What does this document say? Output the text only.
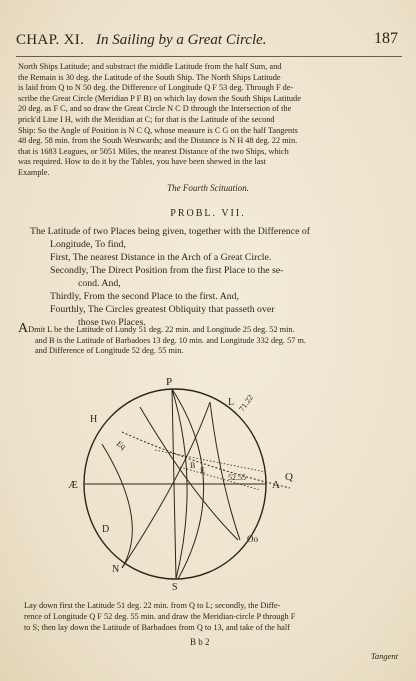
CHAP. XI. In Sailing by a Great Circle.	187
North Ships Latitude; and substract the middle Latitude from the half Sum, and
the Remain is 30 deg. the Latitude of the South Ship. The North Ships Latitude
is laid from Q to N 50 deg. the Difference of Longitude Q F 53 deg. Through F de-
scribe the Great Circle (Meridian P F B) on which lay down the South Ships Latitude
20 deg. as F C, and so draw the Great Circle N C D through the Intersection of the
prick'd Line I H, with the Meridian at C; for that is the Latitude of the second
Ship: So the Angle of Position is N C Q, whose measure is C G on the half Tangents
48 deg. 58 min. from the South Westwards; and the Distance is N H 48 deg. 22 min.
that is 1683 Leagues, or 5051 Miles, the nearest Distance of the two Ships, which
was required. How to do it by the Tables, you have been shewed in the last
Example.
The Fourth Scituation.
PROBL. VII.
The Latitude of two Places being given, together with the Difference of
Longitude, To find,
First, The nearest Distance in the Arch of a Great Circle.
Secondly, The Direct Position from the first Place to the se-
cond. And,
Thirdly, From the second Place to the first. And,
Fourthly, The Circles greatest Obliquity that passeth over
those two Places.
ADmit L be the Latitude of Lundy 51 deg. 22 min. and Longitude 25 deg. 52 min.
and B is the Latitude of Barbadoes 13 deg. 10 min. and Longitude 332 deg. 57 m.
and Difference of Longitude 52 deg. 55 min.
P
L 71.22
H
Eq
B
E
52.55
Æ	A
Q
D
Oo
N
S
Lay down first the Latitude 51 deg. 22 min. from Q to L; secondly, the Diffe-
rence of Longitude Q F 52 deg. 55 min. and draw the Meridian-circle P through F
to S; then lay down the Latitude of Barbadoes from Q to 13, and take of the half
B b 2
Tangent
